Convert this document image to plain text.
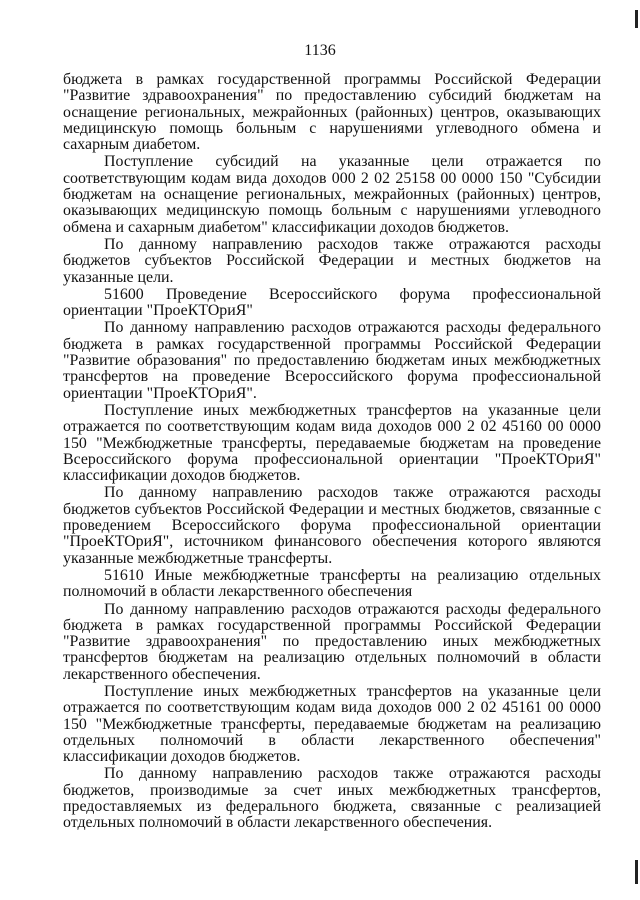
1136

бюджета в рамках государственной программы Российской Федерации "Развитие здравоохранения" по предоставлению субсидий бюджетам на оснащение региональных, межрайонных (районных) центров, оказывающих медицинскую помощь больным с нарушениями углеводного обмена и сахарным диабетом.

Поступление субсидий на указанные цели отражается по соответствующим кодам вида доходов 000 2 02 25158 00 0000 150 "Субсидии бюджетам на оснащение региональных, межрайонных (районных) центров, оказывающих медицинскую помощь больным с нарушениями углеводного обмена и сахарным диабетом" классификации доходов бюджетов.

По данному направлению расходов также отражаются расходы бюджетов субъектов Российской Федерации и местных бюджетов на указанные цели.

51600 Проведение Всероссийского форума профессиональной ориентации "ПроеКТОриЯ"

По данному направлению расходов отражаются расходы федерального бюджета в рамках государственной программы Российской Федерации "Развитие образования" по предоставлению бюджетам иных межбюджетных трансфертов на проведение Всероссийского форума профессиональной ориентации "ПроеКТОриЯ".

Поступление иных межбюджетных трансфертов на указанные цели отражается по соответствующим кодам вида доходов 000 2 02 45160 00 0000 150 "Межбюджетные трансферты, передаваемые бюджетам на проведение Всероссийского форума профессиональной ориентации "ПроеКТОриЯ" классификации доходов бюджетов.

По данному направлению расходов также отражаются расходы бюджетов субъектов Российской Федерации и местных бюджетов, связанные с проведением Всероссийского форума профессиональной ориентации "ПроеКТОриЯ", источником финансового обеспечения которого являются указанные межбюджетные трансферты.

51610 Иные межбюджетные трансферты на реализацию отдельных полномочий в области лекарственного обеспечения

По данному направлению расходов отражаются расходы федерального бюджета в рамках государственной программы Российской Федерации "Развитие здравоохранения" по предоставлению иных межбюджетных трансфертов бюджетам на реализацию отдельных полномочий в области лекарственного обеспечения.

Поступление иных межбюджетных трансфертов на указанные цели отражается по соответствующим кодам вида доходов 000 2 02 45161 00 0000 150 "Межбюджетные трансферты, передаваемые бюджетам на реализацию отдельных полномочий в области лекарственного обеспечения" классификации доходов бюджетов.

По данному направлению расходов также отражаются расходы бюджетов, производимые за счет иных межбюджетных трансфертов, предоставляемых из федерального бюджета, связанные с реализацией отдельных полномочий в области лекарственного обеспечения.
